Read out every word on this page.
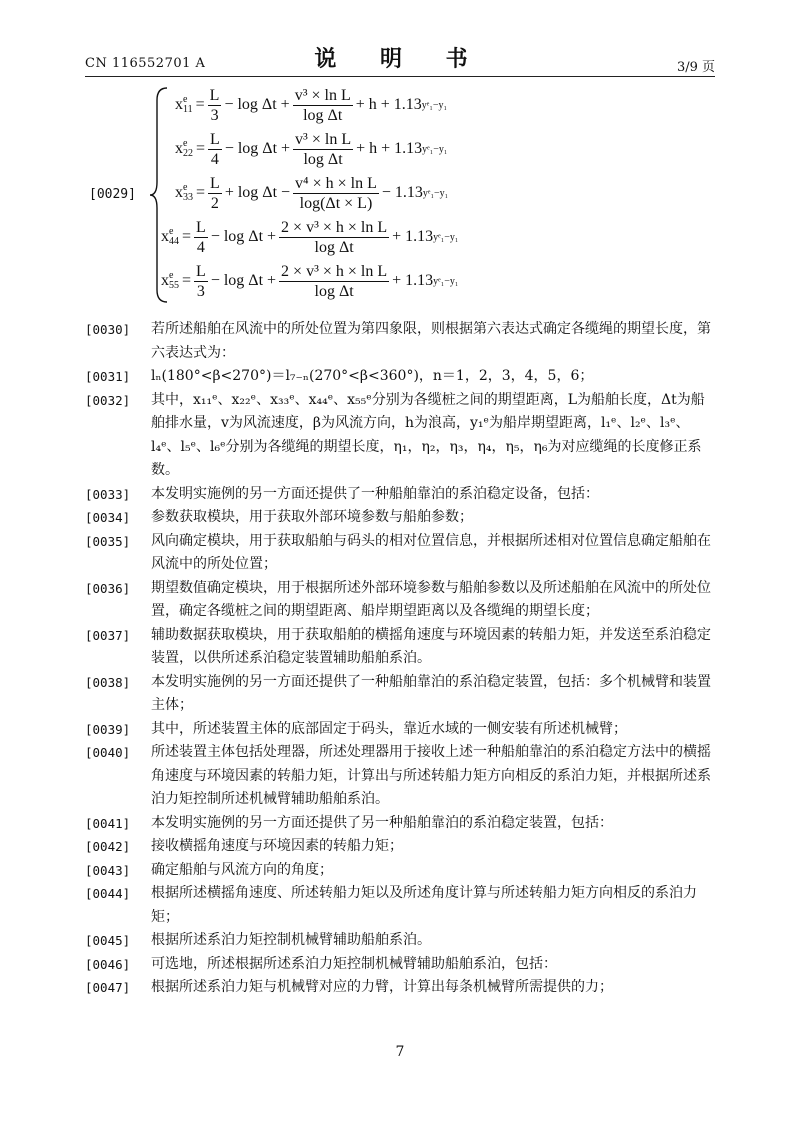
CN 116552701 A	说 明 书	3/9 页
[0029]
x e
$11 = \frac{L}{3} - \log \Delta t + \frac{\text{v³ × ln L}}{\text{log Δt}} + h + 1.13$ yᵉ₁−y₁
x e
$22 = \frac{L}{4} - \log \Delta t + \frac{\text{v³ × ln L}}{\text{log Δt}} + h + 1.13$ yᵉ₁−y₁
x e
$33 = \frac{L}{2} + \log \Delta t - \frac{\text{v⁴ × h × ln L}}{\log(\Delta t \times L)} - 1.13$ yᵉ₁−y₁
x e
$44 = \frac{L}{4} - \log \Delta t + \frac{\text{2 × v³ × h × ln L}}{\text{log Δt}} + 1.13$ yᵉ₁−y₁
x e
$55 = \frac{L}{3} - \log \Delta t + \frac{\text{2 × v³ × h × ln L}}{\text{log Δt}} + 1.13$ yᵉ₁−y₁
[0030]	若所述船舶在风流中的所处位置为第四象限，则根据第六表达式确定各缆绳的期望长度，第六表达式为：
[0031]	lₙ(180°<β<270°)＝l₇₋ₙ(270°<β<360°)，n＝1，2，3，4，5，6；
[0032]	其中，x₁₁ᵉ、x₂₂ᵉ、x₃₃ᵉ、x₄₄ᵉ、x₅₅ᵉ分别为各缆桩之间的期望距离，L为船舶长度，Δt为船舶排水量，v为风流速度，β为风流方向，h为浪高，y₁ᵉ为船岸期望距离，l₁ᵉ、l₂ᵉ、l₃ᵉ、l₄ᵉ、l₅ᵉ、l₆ᵉ分别为各缆绳的期望长度，η₁，η₂，η₃，η₄，η₅，η₆为对应缆绳的长度修正系数。
[0033]	本发明实施例的另一方面还提供了一种船舶靠泊的系泊稳定设备，包括：
[0034]	参数获取模块，用于获取外部环境参数与船舶参数；
[0035]	风向确定模块，用于获取船舶与码头的相对位置信息，并根据所述相对位置信息确定船舶在风流中的所处位置；
[0036]	期望数值确定模块，用于根据所述外部环境参数与船舶参数以及所述船舶在风流中的所处位置，确定各缆桩之间的期望距离、船岸期望距离以及各缆绳的期望长度；
[0037]	辅助数据获取模块，用于获取船舶的横摇角速度与环境因素的转船力矩，并发送至系泊稳定装置，以供所述系泊稳定装置辅助船舶系泊。
[0038]	本发明实施例的另一方面还提供了一种船舶靠泊的系泊稳定装置，包括：多个机械臂和装置主体；
[0039]	其中，所述装置主体的底部固定于码头，靠近水域的一侧安装有所述机械臂；
[0040]	所述装置主体包括处理器，所述处理器用于接收上述一种船舶靠泊的系泊稳定方法中的横摇角速度与环境因素的转船力矩，计算出与所述转船力矩方向相反的系泊力矩，并根据所述系泊力矩控制所述机械臂辅助船舶系泊。
[0041]	本发明实施例的另一方面还提供了另一种船舶靠泊的系泊稳定装置，包括：
[0042]	接收横摇角速度与环境因素的转船力矩；
[0043]	确定船舶与风流方向的角度；
[0044]	根据所述横摇角速度、所述转船力矩以及所述角度计算与所述转船力矩方向相反的系泊力矩；
[0045]	根据所述系泊力矩控制机械臂辅助船舶系泊。
[0046]	可选地，所述根据所述系泊力矩控制机械臂辅助船舶系泊，包括：
[0047]	根据所述系泊力矩与机械臂对应的力臂，计算出每条机械臂所需提供的力；
7
